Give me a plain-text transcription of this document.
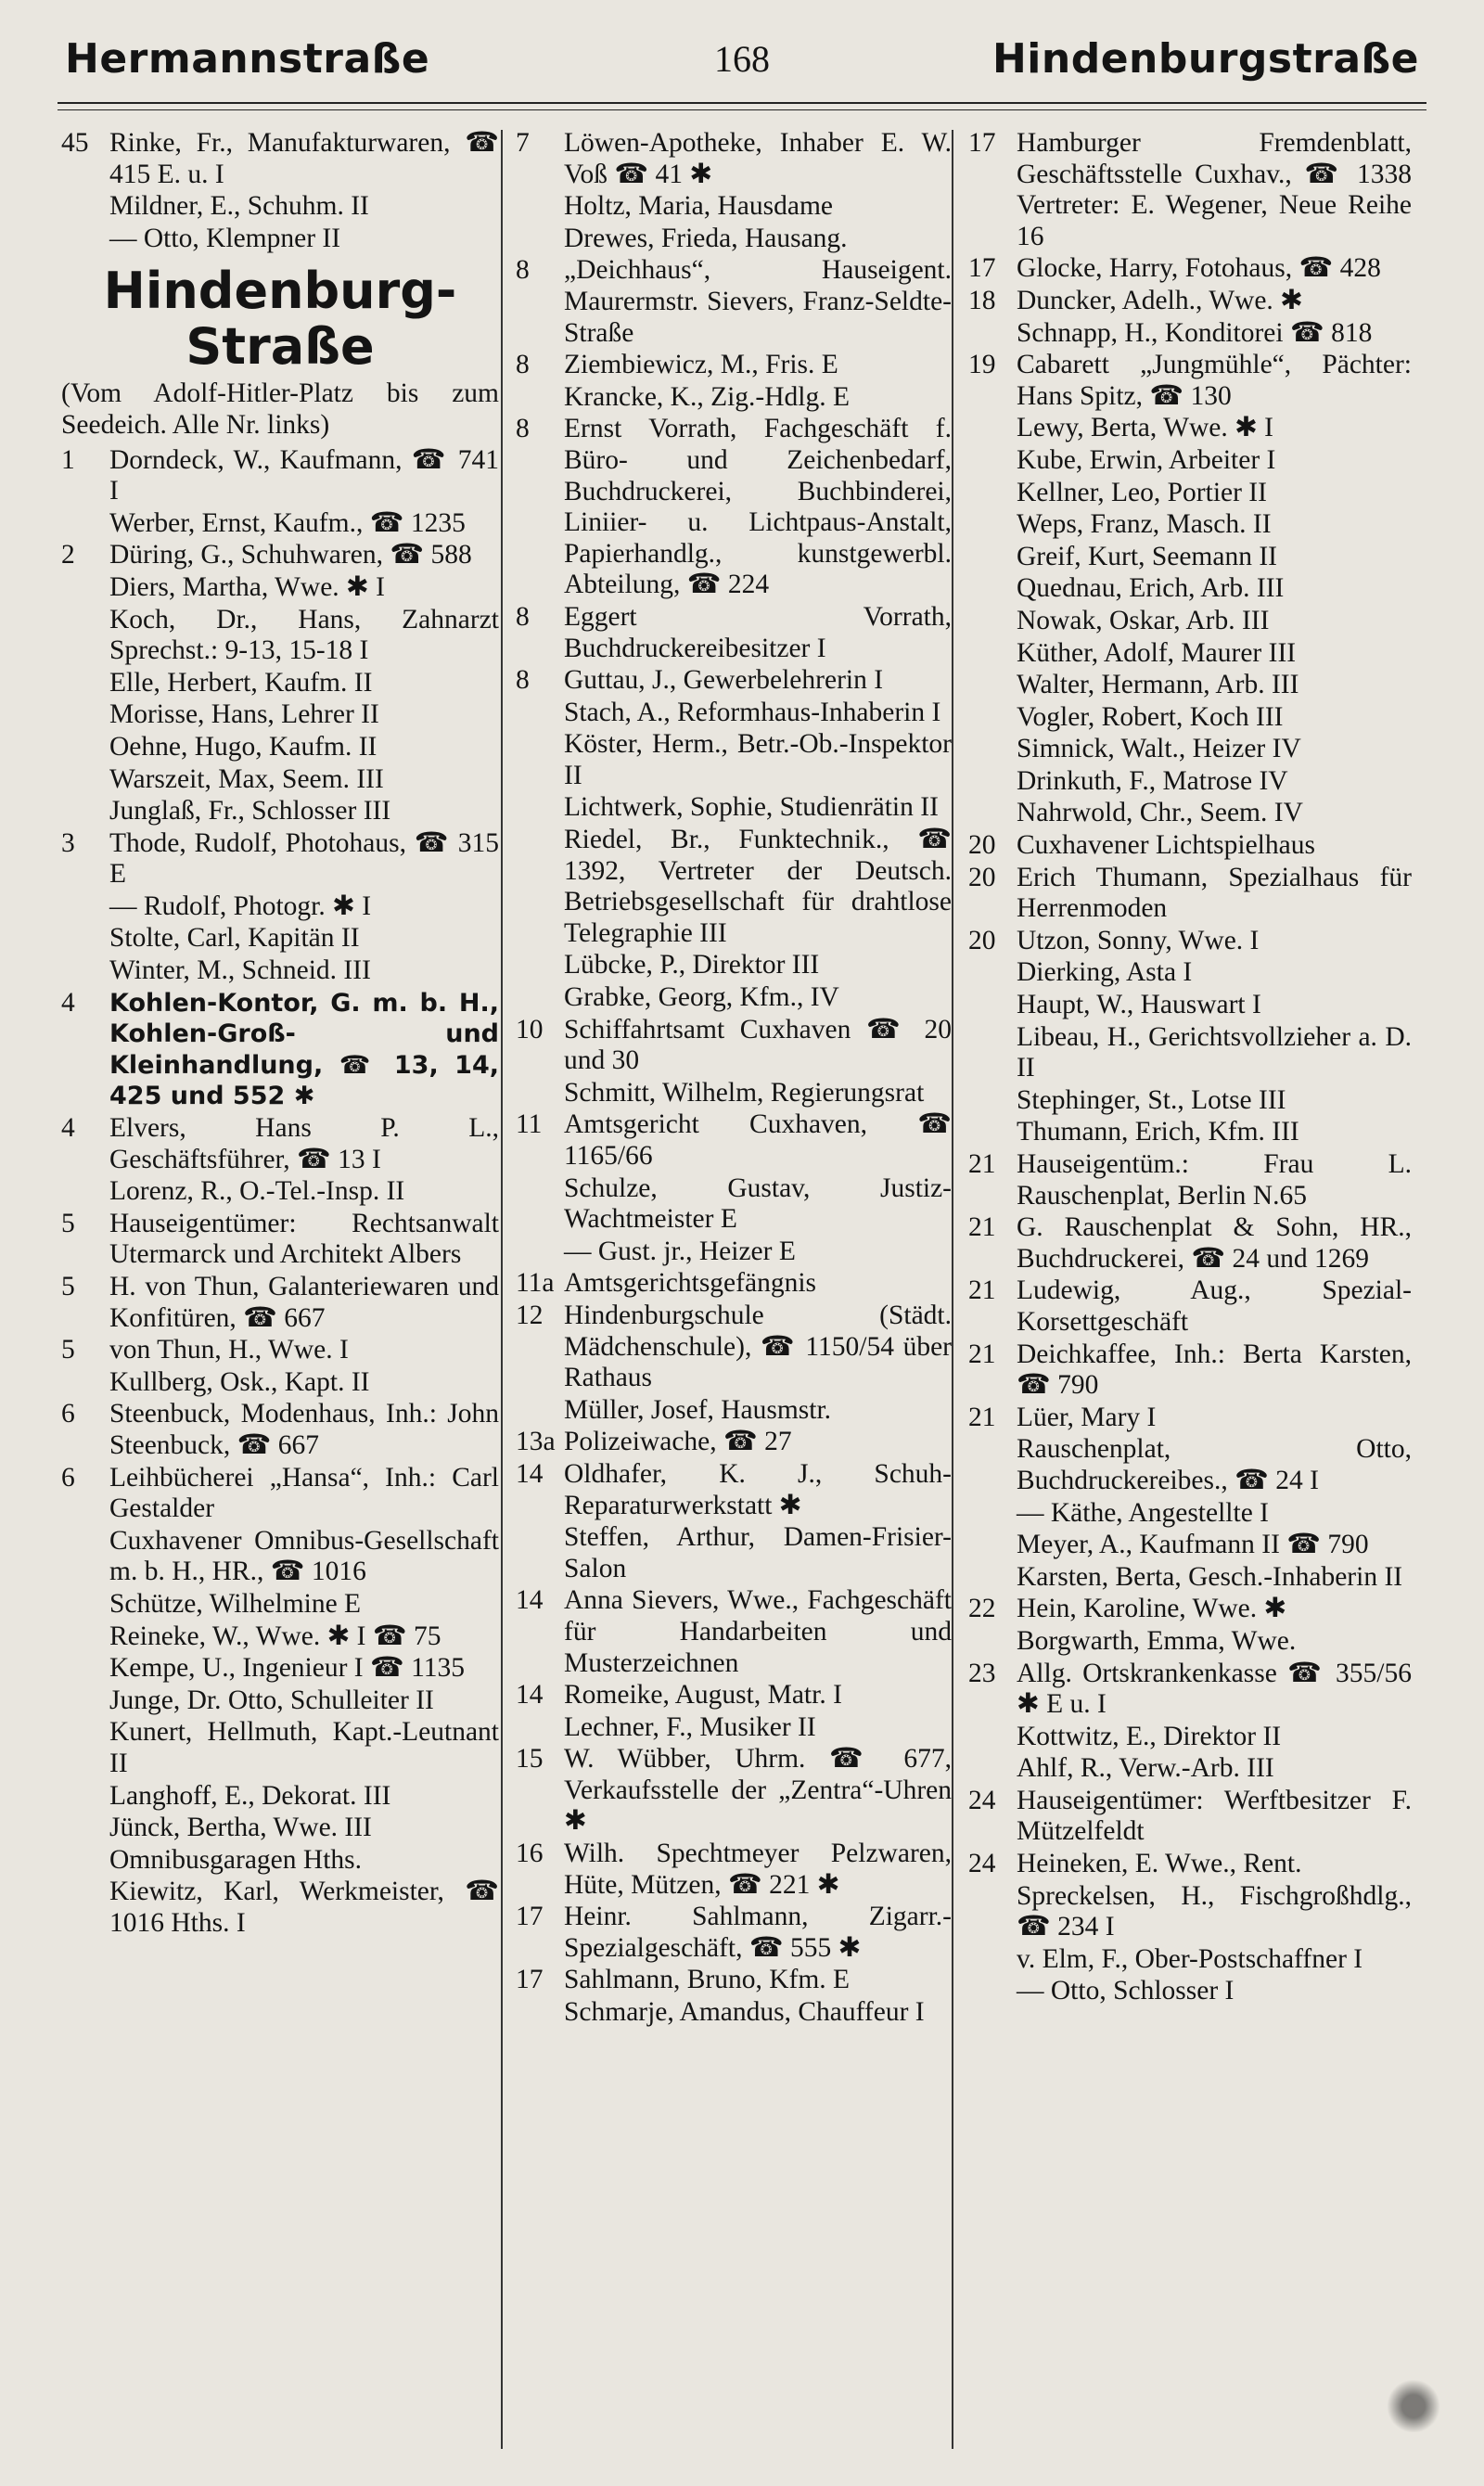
Hermannstraße	168	Hindenburgstraße
45 Rinke, Fr., Manufakturwaren, ☎ 415 E. u. I
Mildner, E., Schuhm. II
— Otto, Klempner II
Hindenburg-
Straße
(Vom Adolf-Hitler-Platz bis zum Seedeich. Alle Nr. links)
1	Dorndeck, W., Kaufmann, ☎ 741 I
Werber, Ernst, Kaufm., ☎ 1235
2	Düring, G., Schuhwaren, ☎ 588
Diers, Martha, Wwe. ✱ I
Koch, Dr., Hans, Zahnarzt Sprechst.: 9-13, 15-18 I
Elle, Herbert, Kaufm. II
Morisse, Hans, Lehrer II
Oehne, Hugo, Kaufm. II
Warszeit, Max, Seem. III
Junglaß, Fr., Schlosser III
3	Thode, Rudolf, Photohaus, ☎ 315 E
— Rudolf, Photogr. ✱ I
Stolte, Carl, Kapitän II
Winter, M., Schneid. III
4	Kohlen-Kontor, G. m. b. H., Kohlen-Groß- und Kleinhandlung, ☎ 13, 14, 425 und 552 ✱
4	Elvers, Hans P. L., Geschäftsführer, ☎ 13 I
Lorenz, R., O.-Tel.-Insp. II
5	Hauseigentümer: Rechtsanwalt Utermarck und Architekt Albers
5	H. von Thun, Galanteriewaren und Konfitüren, ☎ 667
5	von Thun, H., Wwe. I
Kullberg, Osk., Kapt. II
6	Steenbuck, Modenhaus, Inh.: John Steenbuck, ☎ 667
6	Leihbücherei „Hansa“, Inh.: Carl Gestalder
Cuxhavener Omnibus-Gesellschaft m. b. H., HR., ☎ 1016
Schütze, Wilhelmine E
Reineke, W., Wwe. ✱ I ☎ 75
Kempe, U., Ingenieur I ☎ 1135
Junge, Dr. Otto, Schulleiter II
Kunert, Hellmuth, Kapt.-Leutnant II
Langhoff, E., Dekorat. III
Jünck, Bertha, Wwe. III
Omnibusgaragen Hths.
Kiewitz, Karl, Werkmeister, ☎ 1016 Hths. I
7	Löwen-Apotheke, Inhaber E. W. Voß ☎ 41 ✱
Holtz, Maria, Hausdame
Drewes, Frieda, Hausang.
8	„Deichhaus“, Hauseigent. Maurermstr. Sievers, Franz-Seldte-Straße
8	Ziembiewicz, M., Fris. E
Krancke, K., Zig.-Hdlg. E
8	Ernst Vorrath, Fachgeschäft f. Büro- und Zeichenbedarf, Buchdruckerei, Buchbinderei, Liniier- u. Lichtpaus-Anstalt, Papierhandlg., kunstgewerbl. Abteilung, ☎ 224
8	Eggert Vorrath, Buchdruckereibesitzer I
8	Guttau, J., Gewerbelehrerin I
Stach, A., Reformhaus-Inhaberin I
Köster, Herm., Betr.-Ob.-Inspektor II
Lichtwerk, Sophie, Studienrätin II
Riedel, Br., Funktechnik., ☎ 1392, Vertreter der Deutsch. Betriebsgesellschaft für drahtlose Telegraphie III
Lübcke, P., Direktor III
Grabke, Georg, Kfm., IV
10 Schiffahrtsamt Cuxhaven ☎ 20 und 30
Schmitt, Wilhelm, Regierungsrat
11 Amtsgericht Cuxhaven, ☎ 1165/66
Schulze, Gustav, Justiz-Wachtmeister E
— Gust. jr., Heizer E
11a Amtsgerichtsgefängnis
12 Hindenburgschule (Städt. Mädchenschule), ☎ 1150/54 über Rathaus
Müller, Josef, Hausmstr.
13a Polizeiwache, ☎ 27
14 Oldhafer, K. J., Schuh-Reparaturwerkstatt ✱
Steffen, Arthur, Damen-Frisier-Salon
14 Anna Sievers, Wwe., Fachgeschäft für Handarbeiten und Musterzeichnen
14 Romeike, August, Matr. I
Lechner, F., Musiker II
15 W. Wübber, Uhrm. ☎ 677, Verkaufsstelle der „Zentra“-Uhren ✱
16 Wilh. Spechtmeyer Pelzwaren, Hüte, Mützen, ☎ 221 ✱
17 Heinr. Sahlmann, Zigarr.-Spezialgeschäft, ☎ 555 ✱
17 Sahlmann, Bruno, Kfm. E
Schmarje, Amandus, Chauffeur I
17 Hamburger Fremdenblatt, Geschäftsstelle Cuxhav., ☎ 1338 Vertreter: E. Wegener, Neue Reihe 16
17 Glocke, Harry, Fotohaus, ☎ 428
18 Duncker, Adelh., Wwe. ✱
Schnapp, H., Konditorei ☎ 818
19 Cabarett „Jungmühle“, Pächter: Hans Spitz, ☎ 130
Lewy, Berta, Wwe. ✱ I
Kube, Erwin, Arbeiter I
Kellner, Leo, Portier II
Weps, Franz, Masch. II
Greif, Kurt, Seemann II
Quednau, Erich, Arb. III
Nowak, Oskar, Arb. III
Küther, Adolf, Maurer III
Walter, Hermann, Arb. III
Vogler, Robert, Koch III
Simnick, Walt., Heizer IV
Drinkuth, F., Matrose IV
Nahrwold, Chr., Seem. IV
20 Cuxhavener Lichtspielhaus
20 Erich Thumann, Spezialhaus für Herrenmoden
20 Utzon, Sonny, Wwe. I
Dierking, Asta I
Haupt, W., Hauswart I
Libeau, H., Gerichtsvollzieher a. D. II
Stephinger, St., Lotse III
Thumann, Erich, Kfm. III
21 Hauseigentüm.: Frau L. Rauschenplat, Berlin N.65
21 G. Rauschenplat & Sohn, HR., Buchdruckerei, ☎ 24 und 1269
21 Ludewig, Aug., Spezial-Korsettgeschäft
21 Deichkaffee, Inh.: Berta Karsten, ☎ 790
21 Lüer, Mary I
Rauschenplat, Otto, Buchdruckereibes., ☎ 24 I
— Käthe, Angestellte I
Meyer, A., Kaufmann II ☎ 790
Karsten, Berta, Gesch.-Inhaberin II
22 Hein, Karoline, Wwe. ✱
Borgwarth, Emma, Wwe.
23 Allg. Ortskrankenkasse ☎ 355/56 ✱ E u. I
Kottwitz, E., Direktor II
Ahlf, R., Verw.-Arb. III
24 Hauseigentümer: Werftbesitzer F. Mützelfeldt
24 Heineken, E. Wwe., Rent.
Spreckelsen, H., Fischgroßhdlg., ☎ 234 I
v. Elm, F., Ober-Postschaffner I
— Otto, Schlosser I
